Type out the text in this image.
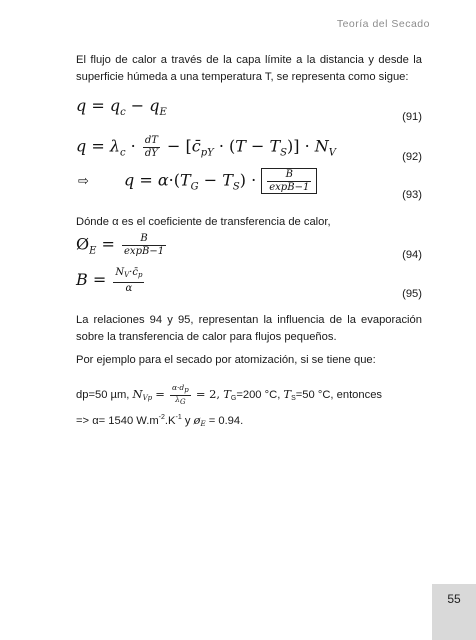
Teoría del Secado

El flujo de calor a través de la capa límite a la distancia y desde la superficie húmeda a una temperatura T, se representa como sigue:

$q = q_c - q_E$	(91)
$q = \lambda_c \cdot \frac{dT}{dY}$ − $[c̄_{pY} \cdot (T - T_S)] \cdot N_V$	(92)
⇨ $q = \alpha\cdot(T_G - T_S) \cdot \frac{B}{\exp B-1}$
(93)

Dónde α es el coeficiente de transferencia de calor,

$Ø_E = \frac{B}{\exp B-1}$	(94)
$B = \frac{N_V\cdot c̄_p}{\alpha}$	(95)

La relaciones 94 y 95, representan la influencia de la evaporación sobre la transferencia de calor para flujos pequeños.

Por ejemplo para el secado por atomización, si se tiene que:

dp=50 µm, NVp = $\frac{\alpha\cdot dp}{\lambda G} = 2$, TG=200 °C, TS=50 °C, entonces
=> α= 1540 $W.m^{-2}.K^{-1}$ y øE = 0.94.
55
